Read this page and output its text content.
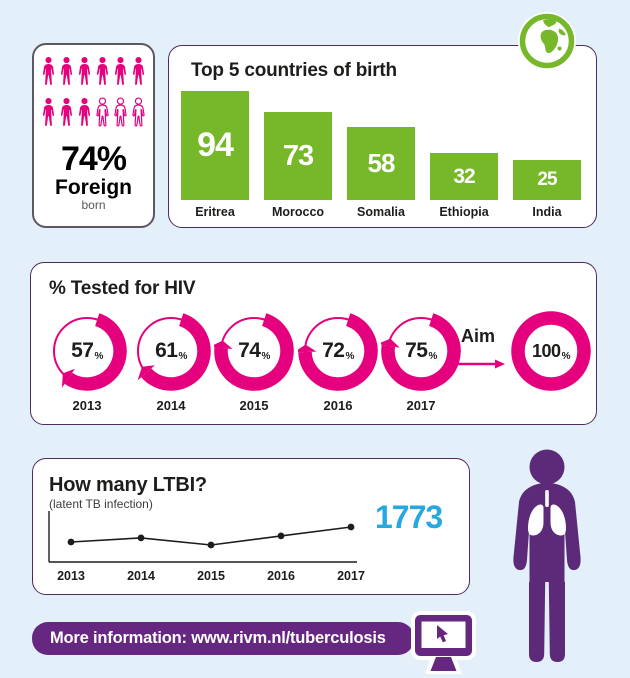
74%
Foreign
born
Top 5 countries of birth
94
Eritrea
73
Morocco
58
Somalia
32
Ethiopia
25
India
% Tested for HIV
57 %
2013
61 %
2014
74 %
2015
72 %
2016
75 %
2017
100 %
Aim
How many LTBI?

(latent TB infection)

2013	2014	2015	2016	2017
1773
More information: www.rivm.nl/tuberculosis
